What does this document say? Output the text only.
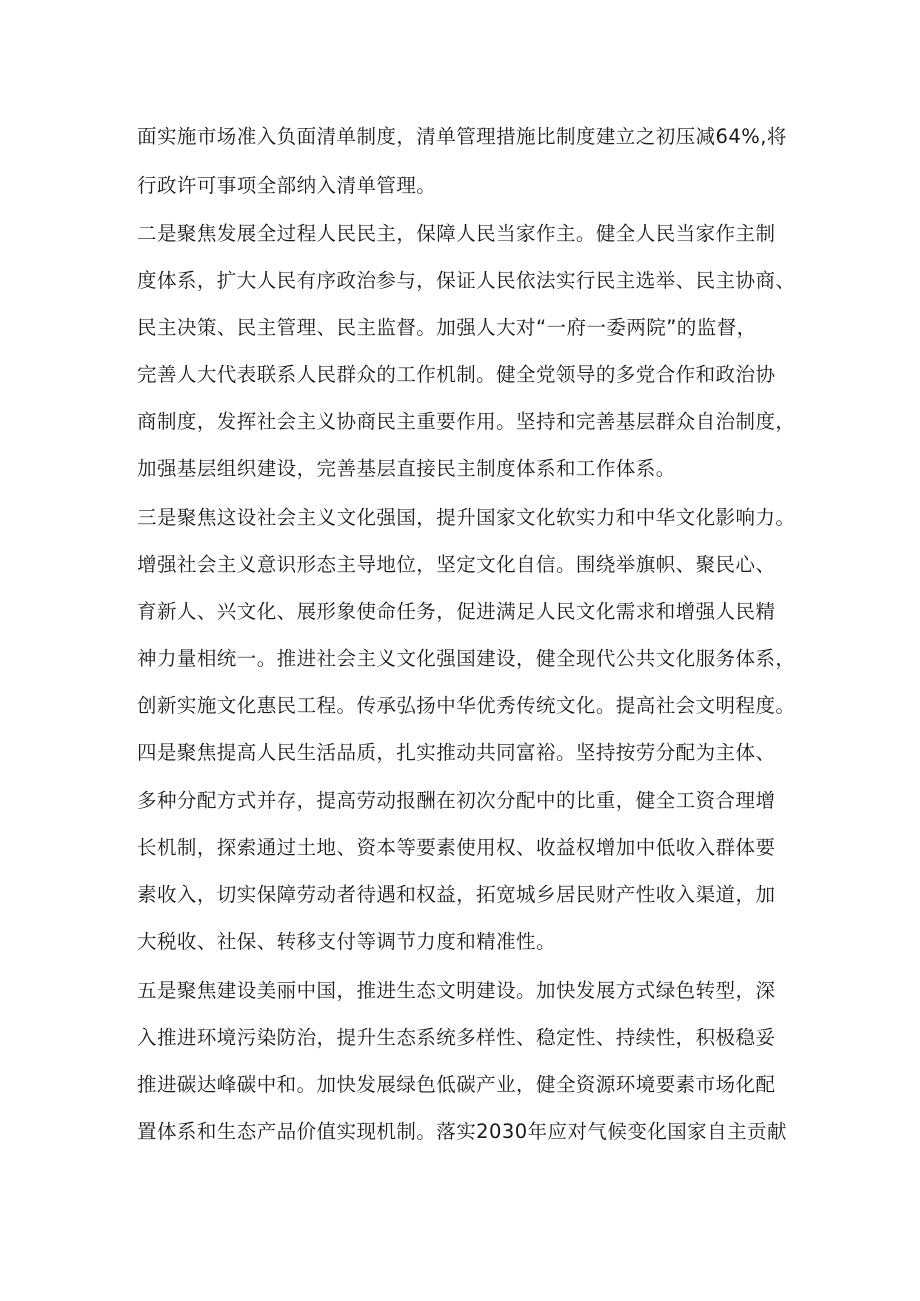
面实施市场准入负面清单制度，清单管理措施比制度建立之初压减64%,将
行政许可事项全部纳入清单管理。
二是聚焦发展全过程人民民主，保障人民当家作主。健全人民当家作主制
度体系，扩大人民有序政治参与，保证人民依法实行民主选举、民主协商、
民主决策、民主管理、民主监督。加强人大对“一府一委两院”的监督，
完善人大代表联系人民群众的工作机制。健全党领导的多党合作和政治协
商制度，发挥社会主义协商民主重要作用。坚持和完善基层群众自治制度，
加强基层组织建设，完善基层直接民主制度体系和工作体系。
三是聚焦这设社会主义文化强国，提升国家文化软实力和中华文化影响力。
增强社会主义意识形态主导地位，坚定文化自信。围绕举旗帜、聚民心、
育新人、兴文化、展形象使命任务，促进满足人民文化需求和增强人民精
神力量相统一。推进社会主义文化强国建设，健全现代公共文化服务体系，
创新实施文化惠民工程。传承弘扬中华优秀传统文化。提高社会文明程度。
四是聚焦提高人民生活品质，扎实推动共同富裕。坚持按劳分配为主体、
多种分配方式并存，提高劳动报酬在初次分配中的比重，健全工资合理增
长机制，探索通过土地、资本等要素使用权、收益权增加中低收入群体要
素收入，切实保障劳动者待遇和权益，拓宽城乡居民财产性收入渠道，加
大税收、社保、转移支付等调节力度和精准性。
五是聚焦建设美丽中国，推进生态文明建设。加快发展方式绿色转型，深
入推进环境污染防治，提升生态系统多样性、稳定性、持续性，积极稳妥
推进碳达峰碳中和。加快发展绿色低碳产业，健全资源环境要素市场化配
置体系和生态产品价值实现机制。落实2030年应对气候变化国家自主贡献
